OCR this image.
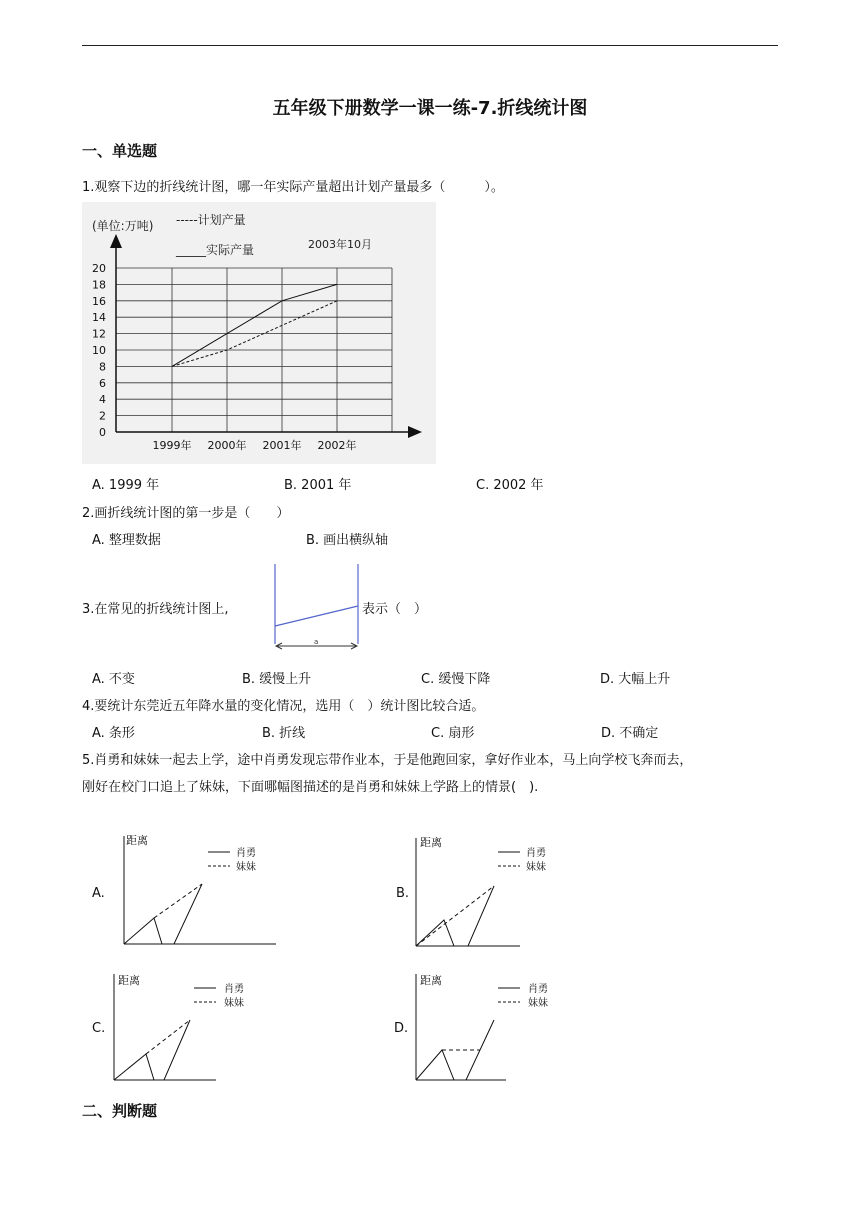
五年级下册数学一课一练-7.折线统计图
一、单选题
1.观察下边的折线统计图，哪一年实际产量超出计划产量最多（　　　）。
(单位:万吨) -----计划产量
_____实际产量	2003年10月
20
18
16
14
12
10
8
6
4
2
0
1999年 2000年 2001年 2002年
A. 1999 年	B. 2001 年	C. 2002 年
2.画折线统计图的第一步是（　　）
A. 整理数据	B. 画出横纵轴
3.在常见的折线统计图上,
a
表示（　）
A. 不变	B. 缓慢上升	C. 缓慢下降	D. 大幅上升
4.要统计东莞近五年降水量的变化情况，选用（　）统计图比较合适。
A. 条形	B. 折线	C. 扇形	D. 不确定
5.肖勇和妹妹一起去上学，途中肖勇发现忘带作业本，于是他跑回家，拿好作业本，马上向学校飞奔而去，
刚好在校门口追上了妹妹，下面哪幅图描述的是肖勇和妹妹上学路上的情景(　).
A.
距离
肖勇
妹妹
B.
距离
肖勇
妹妹
C.
距离
肖勇
妹妹
D.
距离
肖勇
妹妹
二、判断题
